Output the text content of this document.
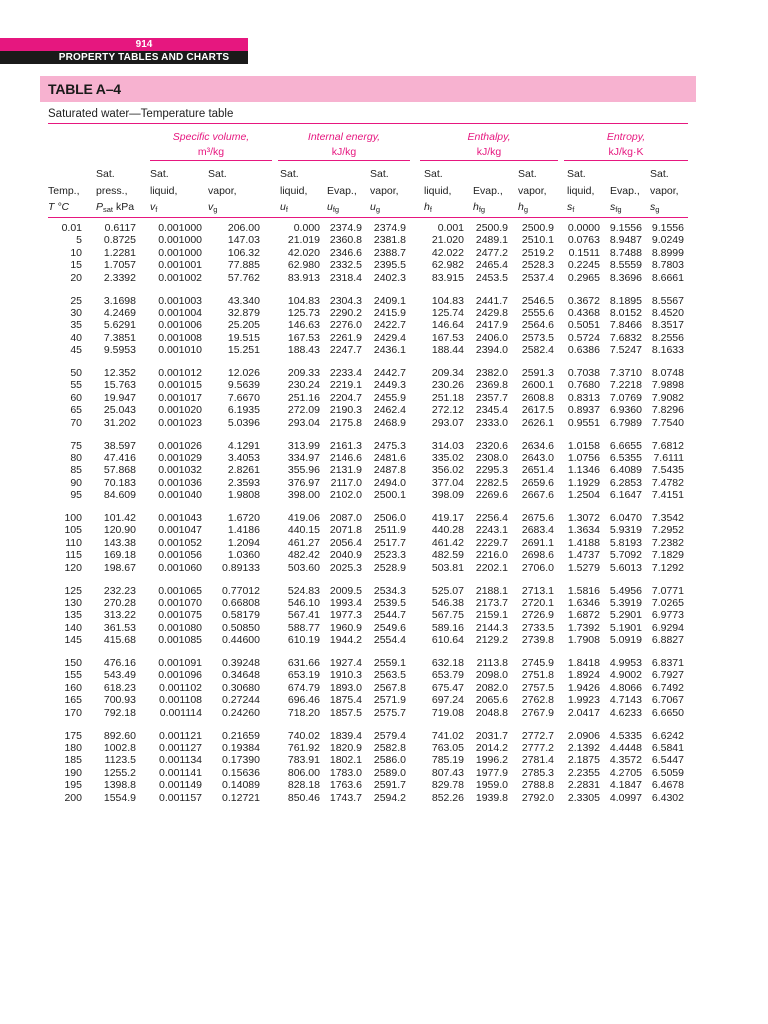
914
PROPERTY TABLES AND CHARTS
TABLE A–4
Saturated water—Temperature table
Specific volume,
m³/kg
Internal energy,
kJ/kg
Enthalpy,
kJ/kg
Entropy,
kJ/kg·K

Temp.,
T °C
Sat.
press.,
$P_{sat}$ kPa
Sat.
liquid,
$v_f$
Sat.
vapor,
$v_g$
Sat.
liquid,
$u_f$

Evap.,
$u_{fg}$
Sat.
vapor,
$u_g$
Sat.
liquid,
$h_f$

Evap.,
$h_{fg}$
Sat.
vapor,
$h_g$
Sat.
liquid,
$s_f$

Evap.,
$s_{fg}$
Sat.
vapor,
$s_g$
0.01
5
10
15
20
0.6117
0.8725
1.2281
1.7057
2.3392
0.001000
0.001000
0.001000
0.001001
0.001002
206.00
147.03
106.32
77.885
57.762
0.000
21.019
42.020
62.980
83.913
2374.9
2360.8
2346.6
2332.5
2318.4
2374.9
2381.8
2388.7
2395.5
2402.3
0.001
21.020
42.022
62.982
83.915
2500.9
2489.1
2477.2
2465.4
2453.5
2500.9
2510.1
2519.2
2528.3
2537.4
0.0000
0.0763
0.1511
0.2245
0.2965
9.1556
8.9487
8.7488
8.5559
8.3696
9.1556
9.0249
8.8999
8.7803
8.6661
25
30
35
40
45
3.1698
4.2469
5.6291
7.3851
9.5953
0.001003
0.001004
0.001006
0.001008
0.001010
43.340
32.879
25.205
19.515
15.251
104.83
125.73
146.63
167.53
188.43
2304.3
2290.2
2276.0
2261.9
2247.7
2409.1
2415.9
2422.7
2429.4
2436.1
104.83
125.74
146.64
167.53
188.44
2441.7
2429.8
2417.9
2406.0
2394.0
2546.5
2555.6
2564.6
2573.5
2582.4
0.3672
0.4368
0.5051
0.5724
0.6386
8.1895
8.0152
7.8466
7.6832
7.5247
8.5567
8.4520
8.3517
8.2556
8.1633
50
55
60
65
70
12.352
15.763
19.947
25.043
31.202
0.001012
0.001015
0.001017
0.001020
0.001023
12.026
9.5639
7.6670
6.1935
5.0396
209.33
230.24
251.16
272.09
293.04
2233.4
2219.1
2204.7
2190.3
2175.8
2442.7
2449.3
2455.9
2462.4
2468.9
209.34
230.26
251.18
272.12
293.07
2382.0
2369.8
2357.7
2345.4
2333.0
2591.3
2600.1
2608.8
2617.5
2626.1
0.7038
0.7680
0.8313
0.8937
0.9551
7.3710
7.2218
7.0769
6.9360
6.7989
8.0748
7.9898
7.9082
7.8296
7.7540
75
80
85
90
95
38.597
47.416
57.868
70.183
84.609
0.001026
0.001029
0.001032
0.001036
0.001040
4.1291
3.4053
2.8261
2.3593
1.9808
313.99
334.97
355.96
376.97
398.00
2161.3
2146.6
2131.9
2117.0
2102.0
2475.3
2481.6
2487.8
2494.0
2500.1
314.03
335.02
356.02
377.04
398.09
2320.6
2308.0
2295.3
2282.5
2269.6
2634.6
2643.0
2651.4
2659.6
2667.6
1.0158
1.0756
1.1346
1.1929
1.2504
6.6655
6.5355
6.4089
6.2853
6.1647
7.6812
7.6111
7.5435
7.4782
7.4151
100
105
110
115
120
101.42
120.90
143.38
169.18
198.67
0.001043
0.001047
0.001052
0.001056
0.001060
1.6720
1.4186
1.2094
1.0360
0.89133
419.06
440.15
461.27
482.42
503.60
2087.0
2071.8
2056.4
2040.9
2025.3
2506.0
2511.9
2517.7
2523.3
2528.9
419.17
440.28
461.42
482.59
503.81
2256.4
2243.1
2229.7
2216.0
2202.1
2675.6
2683.4
2691.1
2698.6
2706.0
1.3072
1.3634
1.4188
1.4737
1.5279
6.0470
5.9319
5.8193
5.7092
5.6013
7.3542
7.2952
7.2382
7.1829
7.1292
125
130
135
140
145
232.23
270.28
313.22
361.53
415.68
0.001065
0.001070
0.001075
0.001080
0.001085
0.77012
0.66808
0.58179
0.50850
0.44600
524.83
546.10
567.41
588.77
610.19
2009.5
1993.4
1977.3
1960.9
1944.2
2534.3
2539.5
2544.7
2549.6
2554.4
525.07
546.38
567.75
589.16
610.64
2188.1
2173.7
2159.1
2144.3
2129.2
2713.1
2720.1
2726.9
2733.5
2739.8
1.5816
1.6346
1.6872
1.7392
1.7908
5.4956
5.3919
5.2901
5.1901
5.0919
7.0771
7.0265
6.9773
6.9294
6.8827
150
155
160
165
170
476.16
543.49
618.23
700.93
792.18
0.001091
0.001096
0.001102
0.001108
0.001114
0.39248
0.34648
0.30680
0.27244
0.24260
631.66
653.19
674.79
696.46
718.20
1927.4
1910.3
1893.0
1875.4
1857.5
2559.1
2563.5
2567.8
2571.9
2575.7
632.18
653.79
675.47
697.24
719.08
2113.8
2098.0
2082.0
2065.6
2048.8
2745.9
2751.8
2757.5
2762.8
2767.9
1.8418
1.8924
1.9426
1.9923
2.0417
4.9953
4.9002
4.8066
4.7143
4.6233
6.8371
6.7927
6.7492
6.7067
6.6650
175
180
185
190
195
200
892.60
1002.8
1123.5
1255.2
1398.8
1554.9
0.001121
0.001127
0.001134
0.001141
0.001149
0.001157
0.21659
0.19384
0.17390
0.15636
0.14089
0.12721
740.02
761.92
783.91
806.00
828.18
850.46
1839.4
1820.9
1802.1
1783.0
1763.6
1743.7
2579.4
2582.8
2586.0
2589.0
2591.7
2594.2
741.02
763.05
785.19
807.43
829.78
852.26
2031.7
2014.2
1996.2
1977.9
1959.0
1939.8
2772.7
2777.2
2781.4
2785.3
2788.8
2792.0
2.0906
2.1392
2.1875
2.2355
2.2831
2.3305
4.5335
4.4448
4.3572
4.2705
4.1847
4.0997
6.6242
6.5841
6.5447
6.5059
6.4678
6.4302
